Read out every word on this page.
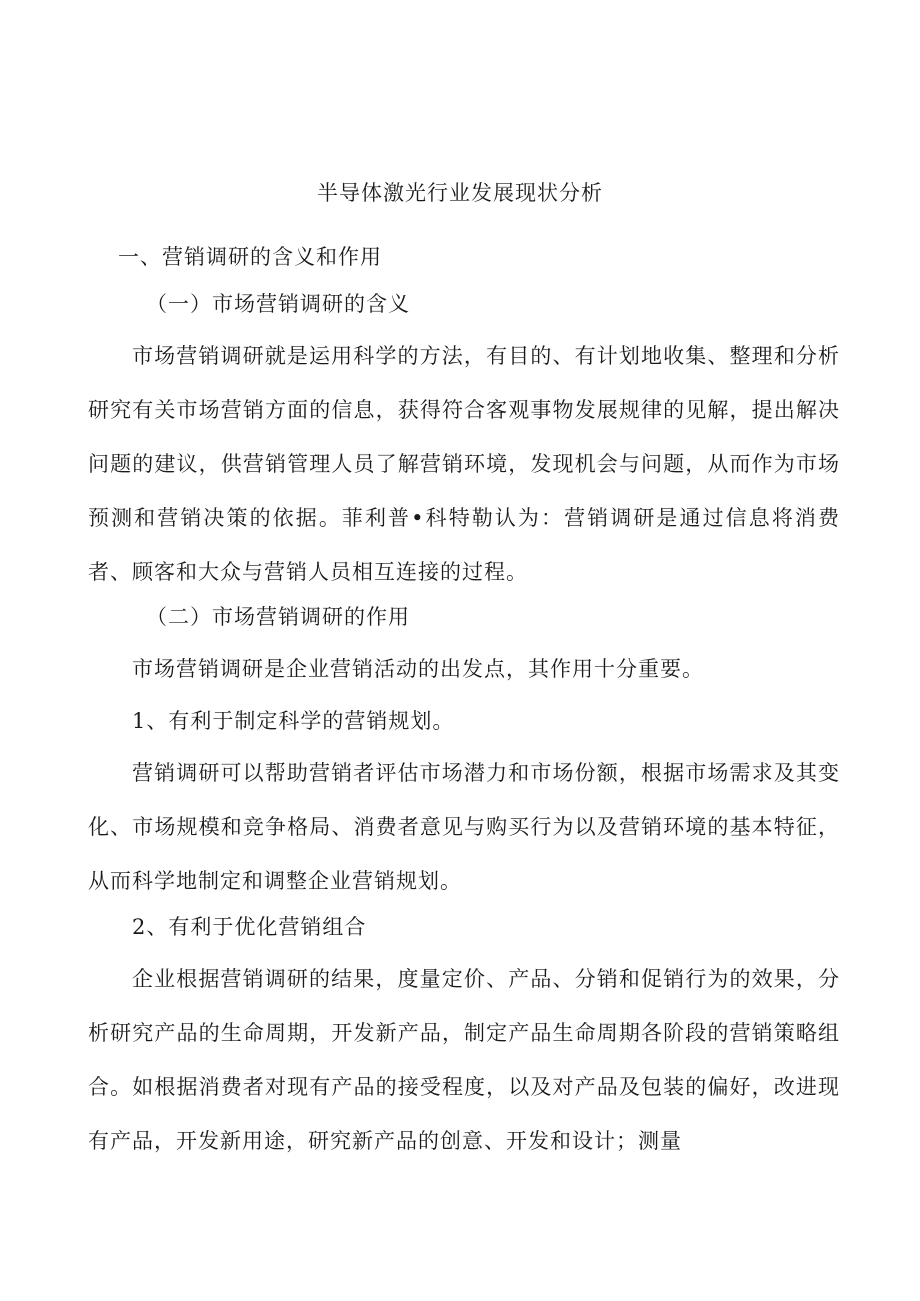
半导体激光行业发展现状分析
一、营销调研的含义和作用
（一）市场营销调研的含义
市场营销调研就是运用科学的方法，有目的、有计划地收集、整理和分析研究有关市场营销方面的信息，获得符合客观事物发展规律的见解，提出解决问题的建议，供营销管理人员了解营销环境，发现机会与问题，从而作为市场预测和营销决策的依据。菲利普•科特勒认为：营销调研是通过信息将消费者、顾客和大众与营销人员相互连接的过程。
（二）市场营销调研的作用
市场营销调研是企业营销活动的出发点，其作用十分重要。
1、有利于制定科学的营销规划。
营销调研可以帮助营销者评估市场潜力和市场份额，根据市场需求及其变化、市场规模和竞争格局、消费者意见与购买行为以及营销环境的基本特征，从而科学地制定和调整企业营销规划。
2、有利于优化营销组合
企业根据营销调研的结果，度量定价、产品、分销和促销行为的效果，分析研究产品的生命周期，开发新产品，制定产品生命周期各阶段的营销策略组合。如根据消费者对现有产品的接受程度，以及对产品及包装的偏好，改进现有产品，开发新用途，研究新产品的创意、开发和设计；测量
